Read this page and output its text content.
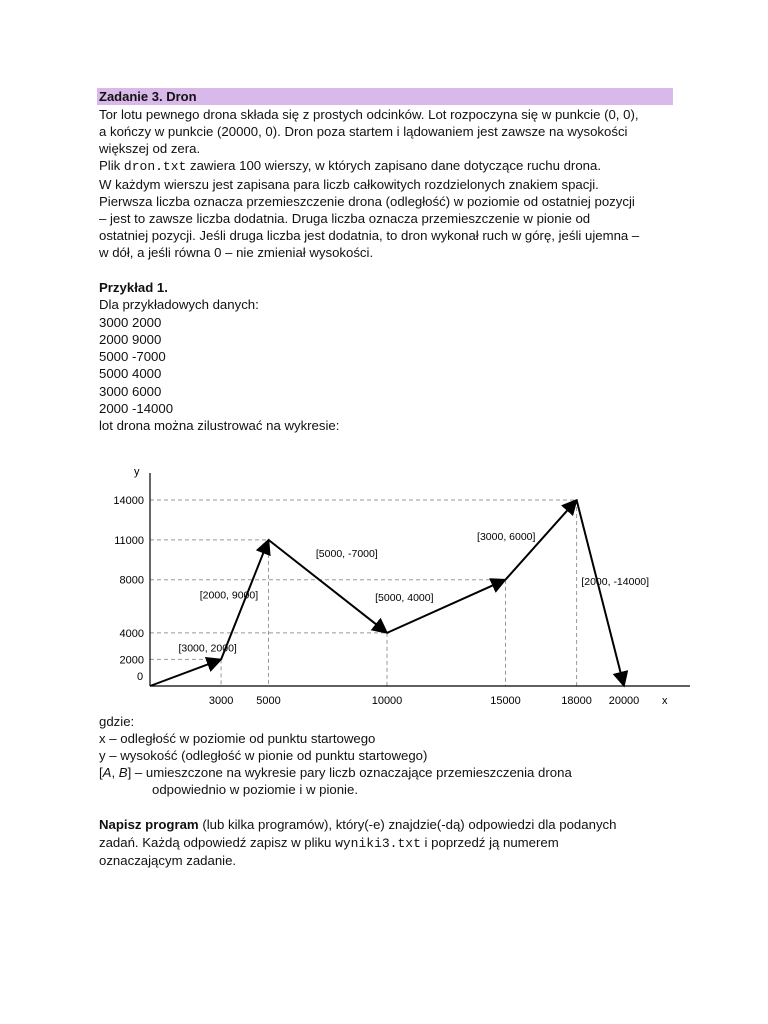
Zadanie 3. Dron
Tor lotu pewnego drona składa się z prostych odcinków. Lot rozpoczyna się w punkcie (0, 0),
a kończy w punkcie (20000, 0). Dron poza startem i lądowaniem jest zawsze na wysokości
większej od zera.
Plik dron.txt zawiera 100 wierszy, w których zapisano dane dotyczące ruchu drona.
W każdym wierszu jest zapisana para liczb całkowitych rozdzielonych znakiem spacji.
Pierwsza liczba oznacza przemieszczenie drona (odległość) w poziomie od ostatniej pozycji
– jest to zawsze liczba dodatnia. Druga liczba oznacza przemieszczenie w pionie od
ostatniej pozycji. Jeśli druga liczba jest dodatnia, to dron wykonał ruch w górę, jeśli ujemna –
w dół, a jeśli równa 0 – nie zmieniał wysokości.
Przykład 1.
Dla przykładowych danych:
3000 2000
2000 9000
5000 -7000
5000 4000
3000 6000
2000 -14000
lot drona można zilustrować na wykresie:
x
y
0
3000 5000	10000	15000	18000 20000
2000
4000
8000
11000
14000
[3000, 2000]
[2000, 9000]
[5000, -7000]
[5000, 4000]
[3000, 6000]
[2000, -14000]
gdzie:
x – odległość w poziomie od punktu startowego
y – wysokość (odległość w pionie od punktu startowego)
[A, B] – umieszczone na wykresie pary liczb oznaczające przemieszczenia drona
odpowiednio w poziomie i w pionie.
Napisz program (lub kilka programów), który(-e) znajdzie(-dą) odpowiedzi dla podanych
zadań. Każdą odpowiedź zapisz w pliku wyniki3.txt i poprzedź ją numerem
oznaczającym zadanie.
